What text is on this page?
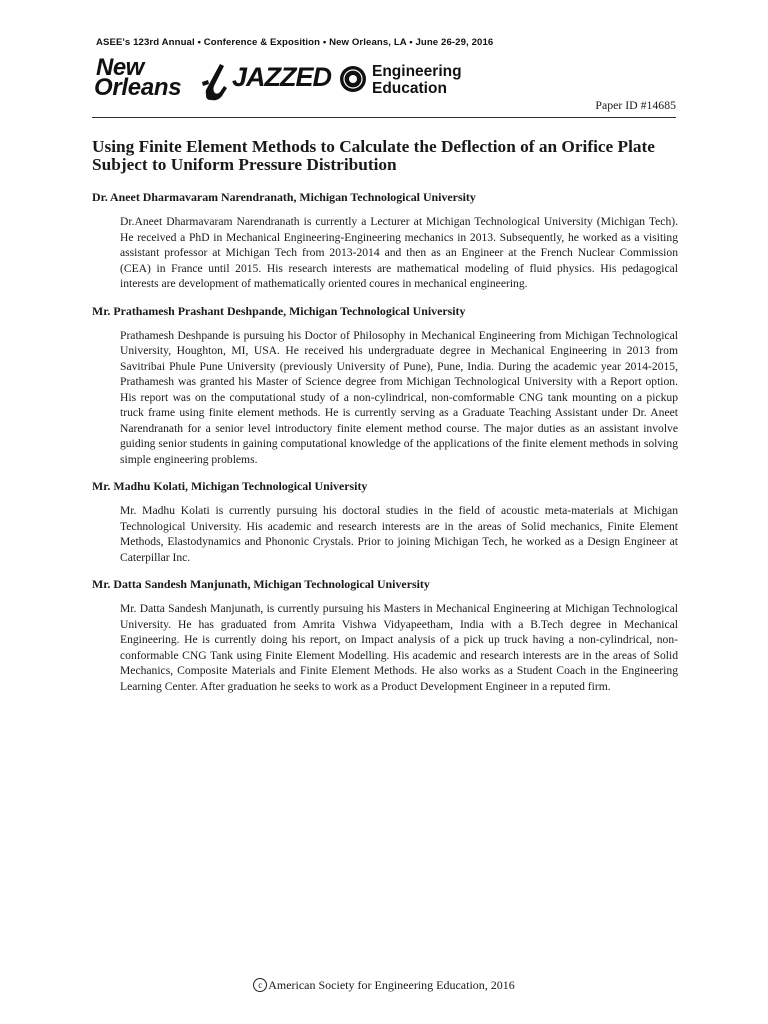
ASEE's 123rd Annual • Conference & Exposition • New Orleans, LA • June 26-29, 2016
New
Orleans JAZZED	Engineering
Education
Paper ID #14685
Using Finite Element Methods to Calculate the Deflection of an Orifice Plate Subject to Uniform Pressure Distribution

Dr. Aneet Dharmavaram Narendranath, Michigan Technological University

Dr.Aneet Dharmavaram Narendranath is currently a Lecturer at Michigan Technological University (Michigan Tech). He received a PhD in Mechanical Engineering-Engineering mechanics in 2013. Subsequently, he worked as a visiting assistant professor at Michigan Tech from 2013-2014 and then as an Engineer at the French Nuclear Commission (CEA) in France until 2015. His research interests are mathematical modeling of fluid physics. His pedagogical interests are development of mathematically oriented coures in mechanical engineering.

Mr. Prathamesh Prashant Deshpande, Michigan Technological University

Prathamesh Deshpande is pursuing his Doctor of Philosophy in Mechanical Engineering from Michigan Technological University, Houghton, MI, USA. He received his undergraduate degree in Mechanical Engineering in 2013 from Savitribai Phule Pune University (previously University of Pune), Pune, India. During the academic year 2014-2015, Prathamesh was granted his Master of Science degree from Michigan Technological University with a Report option. His report was on the computational study of a non-cylindrical, non-comformable CNG tank mounting on a pickup truck frame using finite element methods. He is currently serving as a Graduate Teaching Assistant under Dr. Aneet Narendranath for a senior level introductory finite element method course. The major duties as an assistant involve guiding senior students in gaining computational knowledge of the applications of the finite element methods in solving simple engineering problems.

Mr. Madhu Kolati, Michigan Technological University

Mr. Madhu Kolati is currently pursuing his doctoral studies in the field of acoustic meta-materials at Michigan Technological University. His academic and research interests are in the areas of Solid mechanics, Finite Element Methods, Elastodynamics and Phononic Crystals. Prior to joining Michigan Tech, he worked as a Design Engineer at Caterpillar Inc.

Mr. Datta Sandesh Manjunath, Michigan Technological University

Mr. Datta Sandesh Manjunath, is currently pursuing his Masters in Mechanical Engineering at Michigan Technological University. He has graduated from Amrita Vishwa Vidyapeetham, India with a B.Tech degree in Mechanical Engineering. He is currently doing his report, on Impact analysis of a pick up truck having a non-cylindrical, non-conformable CNG Tank using Finite Element Modelling. His academic and research interests are in the areas of Solid Mechanics, Composite Materials and Finite Element Methods. He also works as a Student Coach in the Engineering Learning Center. After graduation he seeks to work as a Product Development Engineer in a reputed firm.

c American Society for Engineering Education, 2016
